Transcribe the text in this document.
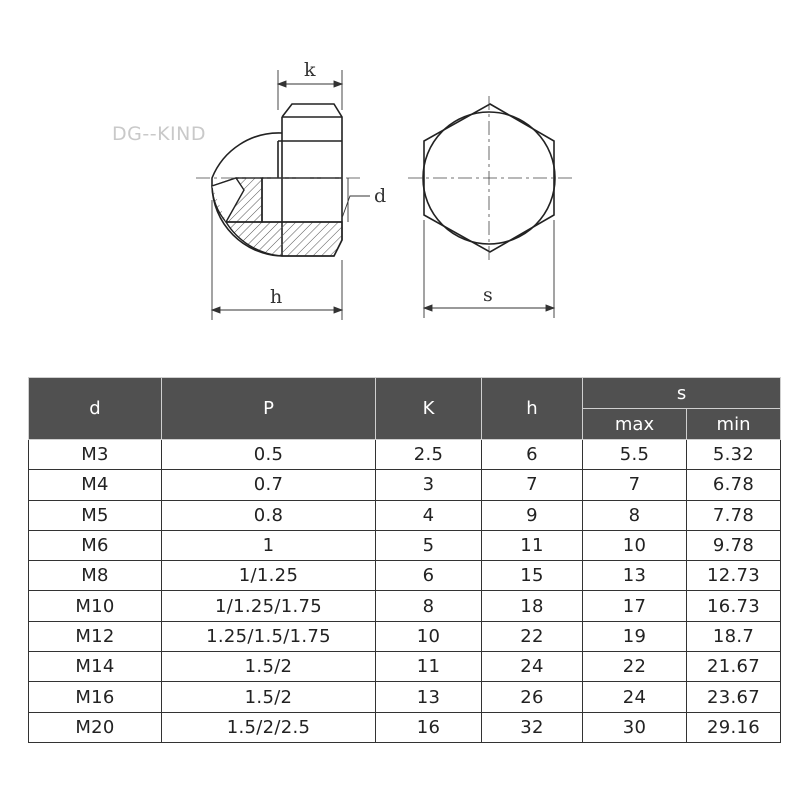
DG--KIND
k
d
h	s
d	P	K	h	s	
				max	min
M3	0.5	2.5	6	5.5	5.32
M4	0.7	3	7	7	6.78
M5	0.8	4	9	8	7.78
M6	1	5	11	10	9.78
M8	1/1.25	6	15	13	12.73
M10	1/1.25/1.75	8	18	17	16.73
M12	1.25/1.5/1.75	10	22	19	18.7
M14	1.5/2	11	24	22	21.67
M16	1.5/2	13	26	24	23.67
M20	1.5/2/2.5	16	32	30	29.16
